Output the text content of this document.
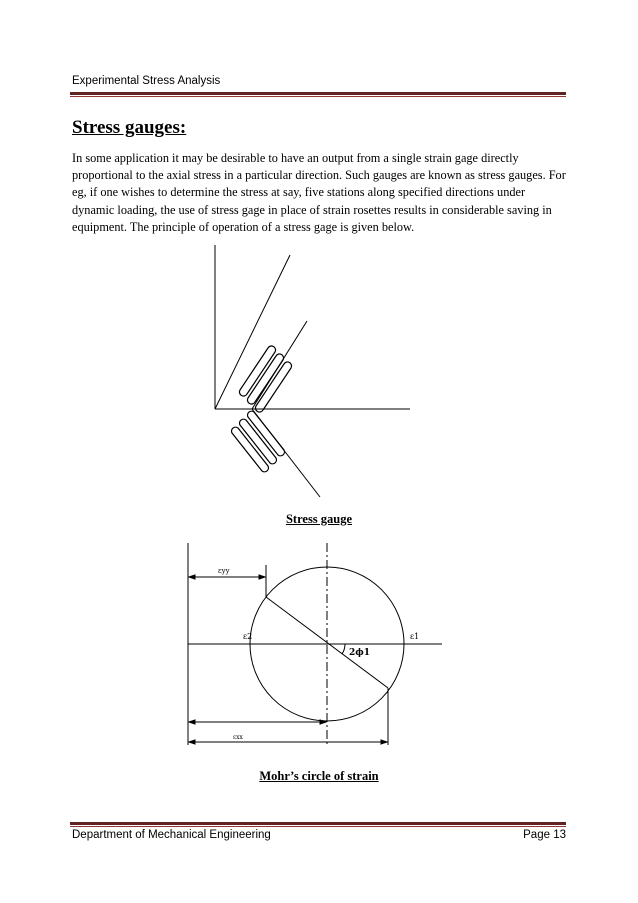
Experimental Stress Analysis

Stress gauges:

In some application it may be desirable to have an output from a single strain gage directly proportional to the axial stress in a particular direction. Such gauges are known as stress gauges. For eg, if one wishes to determine the stress at say, five stations along specified directions under dynamic loading, the use of stress gage in place of strain rosettes results in considerable saving in equipment. The principle of operation of a stress gage is given below.

Stress gauge

εyy
ε2	ε1
2ϕ1
εxx

Mohr’s circle of strain

Department of Mechanical Engineering	Page 13
